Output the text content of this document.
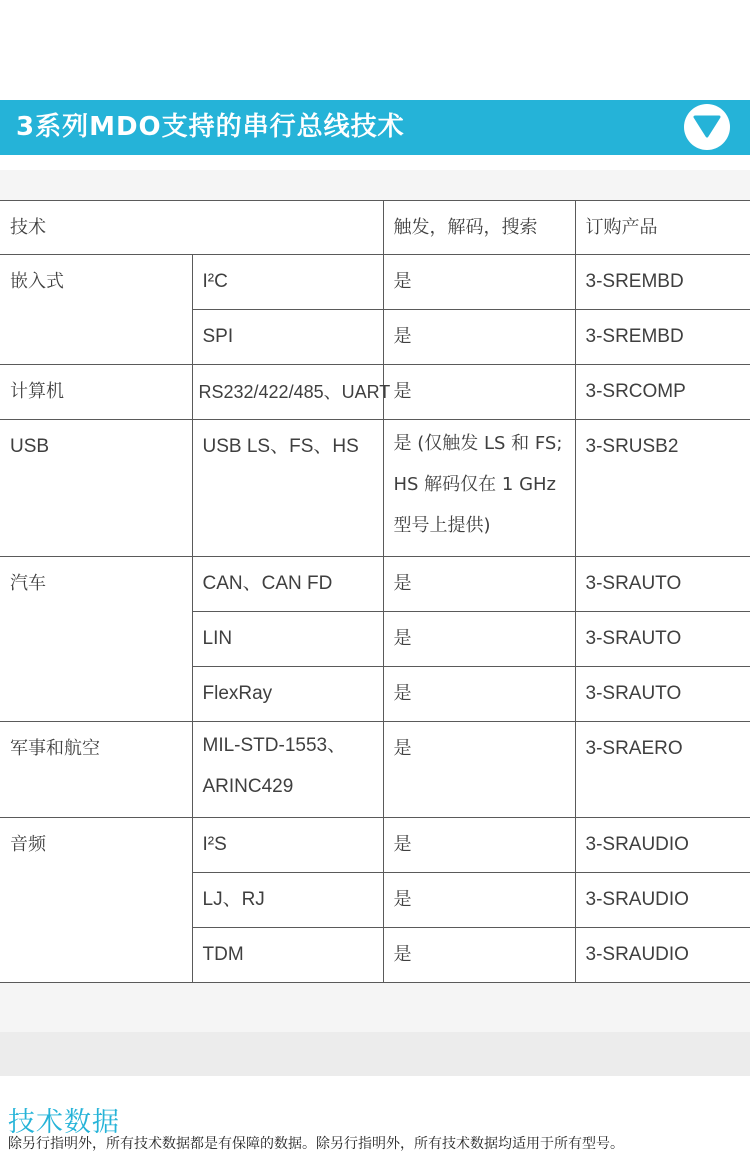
3系列MDO支持的串行总线技术
技术		触发，解码，搜索	订购产品
嵌入式	I²C	是	3-SREMBD
	SPI	是	3-SREMBD
计算机	RS232/422/485、UART	是	3-SRCOMP
USB	USB LS、FS、HS	是 (仅触发 LS 和 FS; HS 解码仅在 1 GHz 型号上提供)	3-SRUSB2
汽车	CAN、CAN FD	是	3-SRAUTO
	LIN	是	3-SRAUTO
	FlexRay	是	3-SRAUTO
军事和航空	MIL-STD-1553、ARINC429	是	3-SRAERO
音频	I²S	是	3-SRAUDIO
	LJ、RJ	是	3-SRAUDIO
	TDM	是	3-SRAUDIO
技术数据
除另行指明外，所有技术数据都是有保障的数据。除另行指明外，所有技术数据均适用于所有型号。
